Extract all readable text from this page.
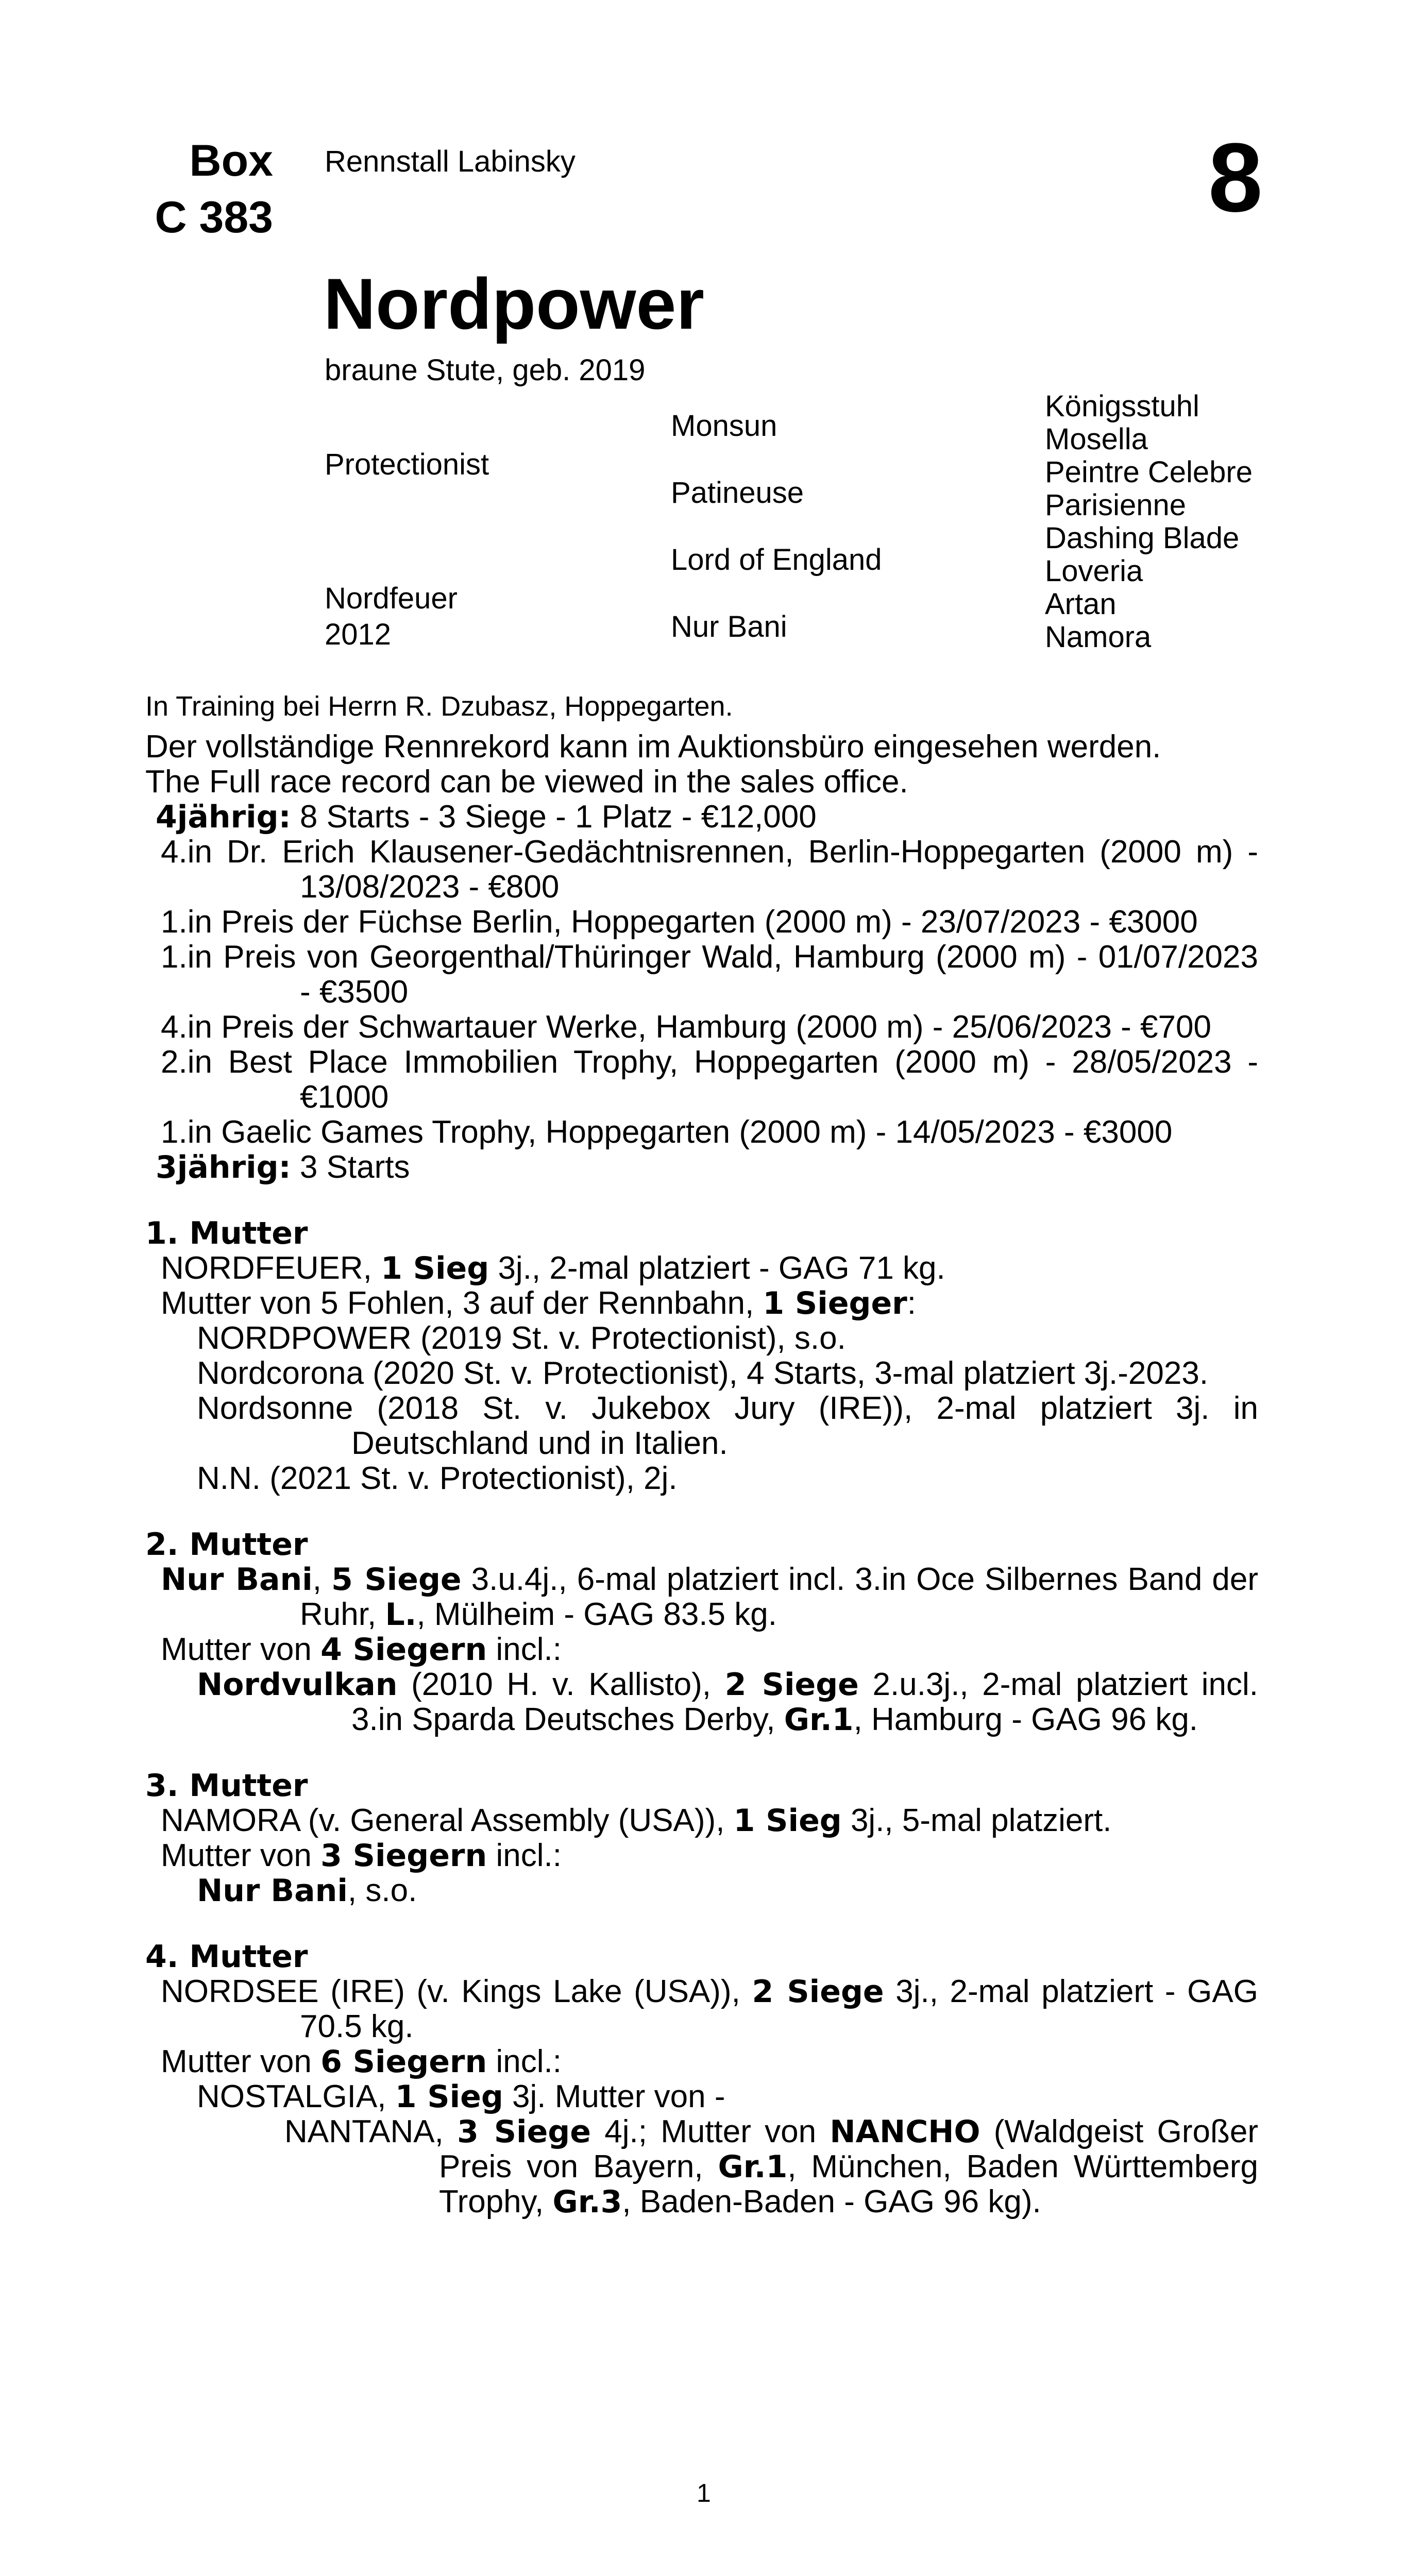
Box
C 383
Rennstall Labinsky	8
Nordpower
braune Stute, geb. 2019
Protectionist
Nordfeuer
2012
Monsun
Patineuse
Lord of England
Nur Bani
Königsstuhl
Mosella
Peintre Celebre
Parisienne
Dashing Blade
Loveria
Artan
Namora

In Training bei Herrn R. Dzubasz, Hoppegarten.

Der vollständige Rennrekord kann im Auktionsbüro eingesehen werden.

The Full race record can be viewed in the sales office.

4jährig: 8 Starts - 3 Siege - 1 Platz - €12,000

4.in Dr. Erich Klausener-Gedächtnisrennen, Berlin-Hoppegarten (2000 m) - 13/08/2023 - €800

1.in Preis der Füchse Berlin, Hoppegarten (2000 m) - 23/07/2023 - €3000

1.in Preis von Georgenthal/Thüringer Wald, Hamburg (2000 m) - 01/07/2023 - €3500

4.in Preis der Schwartauer Werke, Hamburg (2000 m) - 25/06/2023 - €700

2.in Best Place Immobilien Trophy, Hoppegarten (2000 m) - 28/05/2023 - €1000

1.in Gaelic Games Trophy, Hoppegarten (2000 m) - 14/05/2023 - €3000

3jährig: 3 Starts

1. Mutter

NORDFEUER, 1 Sieg 3j., 2-mal platziert - GAG 71 kg.

Mutter von 5 Fohlen, 3 auf der Rennbahn, 1 Sieger:

NORDPOWER (2019 St. v. Protectionist), s.o.

Nordcorona (2020 St. v. Protectionist), 4 Starts, 3-mal platziert 3j.-2023.

Nordsonne (2018 St. v. Jukebox Jury (IRE)), 2-mal platziert 3j. in Deutschland und in Italien.

N.N. (2021 St. v. Protectionist), 2j.

2. Mutter

Nur Bani, 5 Siege 3.u.4j., 6-mal platziert incl. 3.in Oce Silbernes Band der Ruhr, L., Mülheim - GAG 83.5 kg.

Mutter von 4 Siegern incl.:

Nordvulkan (2010 H. v. Kallisto), 2 Siege 2.u.3j., 2-mal platziert incl. 3.in Sparda Deutsches Derby, Gr.1, Hamburg - GAG 96 kg.

3. Mutter

NAMORA (v. General Assembly (USA)), 1 Sieg 3j., 5-mal platziert.

Mutter von 3 Siegern incl.:

Nur Bani, s.o.

4. Mutter

NORDSEE (IRE) (v. Kings Lake (USA)), 2 Siege 3j., 2-mal platziert - GAG 70.5 kg.

Mutter von 6 Siegern incl.:

NOSTALGIA, 1 Sieg 3j. Mutter von -

NANTANA, 3 Siege 4j.; Mutter von NANCHO (Waldgeist Großer Preis von Bayern, Gr.1, München, Baden Württemberg Trophy, Gr.3, Baden-Baden - GAG 96 kg).

1
